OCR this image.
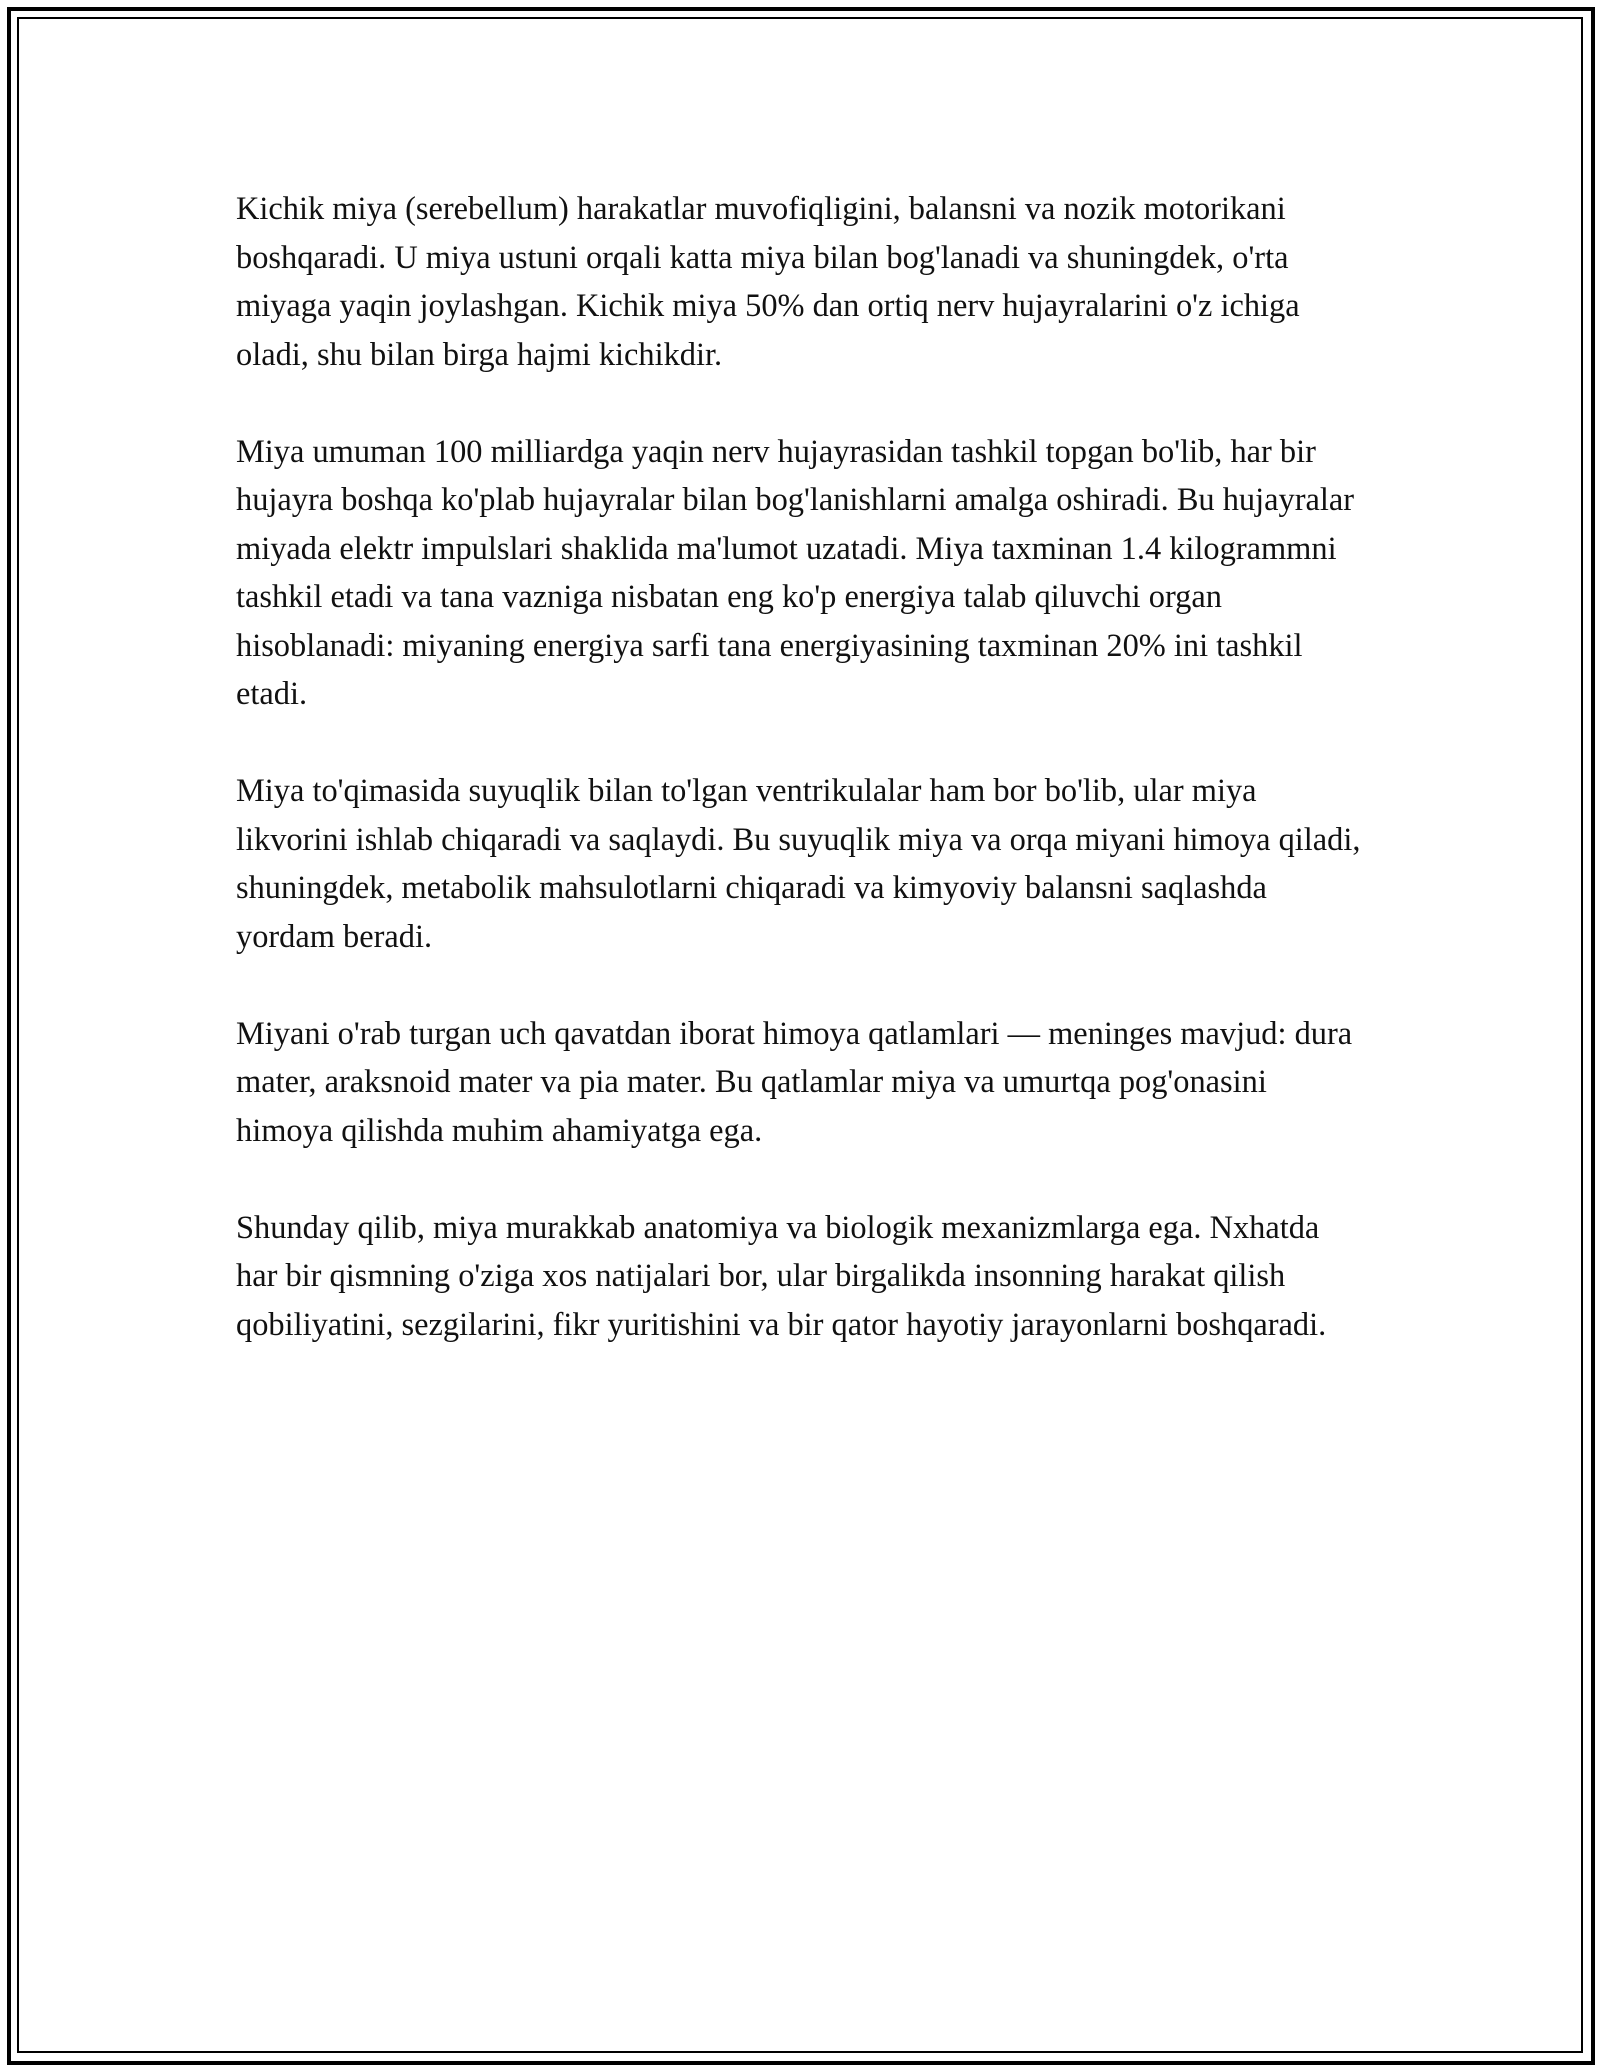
Kichik miya (serebellum) harakatlar muvofiqligini, balansni va nozik motorikani boshqaradi. U miya ustuni orqali katta miya bilan bog'lanadi va shuningdek, o'rta miyaga yaqin joylashgan. Kichik miya 50% dan ortiq nerv hujayralarini o'z ichiga oladi, shu bilan birga hajmi kichikdir.

Miya umuman 100 milliardga yaqin nerv hujayrasidan tashkil topgan bo'lib, har bir hujayra boshqa ko'plab hujayralar bilan bog'lanishlarni amalga oshiradi. Bu hujayralar miyada elektr impulslari shaklida ma'lumot uzatadi. Miya taxminan 1.4 kilogrammni tashkil etadi va tana vazniga nisbatan eng ko'p energiya talab qiluvchi organ hisoblanadi: miyaning energiya sarfi tana energiyasining taxminan 20% ini tashkil etadi.

Miya to'qimasida suyuqlik bilan to'lgan ventrikulalar ham bor bo'lib, ular miya likvorini ishlab chiqaradi va saqlaydi. Bu suyuqlik miya va orqa miyani himoya qiladi, shuningdek, metabolik mahsulotlarni chiqaradi va kimyoviy balansni saqlashda yordam beradi.

Miyani o'rab turgan uch qavatdan iborat himoya qatlamlari — meninges mavjud: dura mater, araksnoid mater va pia mater. Bu qatlamlar miya va umurtqa pog'onasini himoya qilishda muhim ahamiyatga ega.

Shunday qilib, miya murakkab anatomiya va biologik mexanizmlarga ega. Nxhatda har bir qismning o'ziga xos natijalari bor, ular birgalikda insonning harakat qilish qobiliyatini, sezgilarini, fikr yuritishini va bir qator hayotiy jarayonlarni boshqaradi.
